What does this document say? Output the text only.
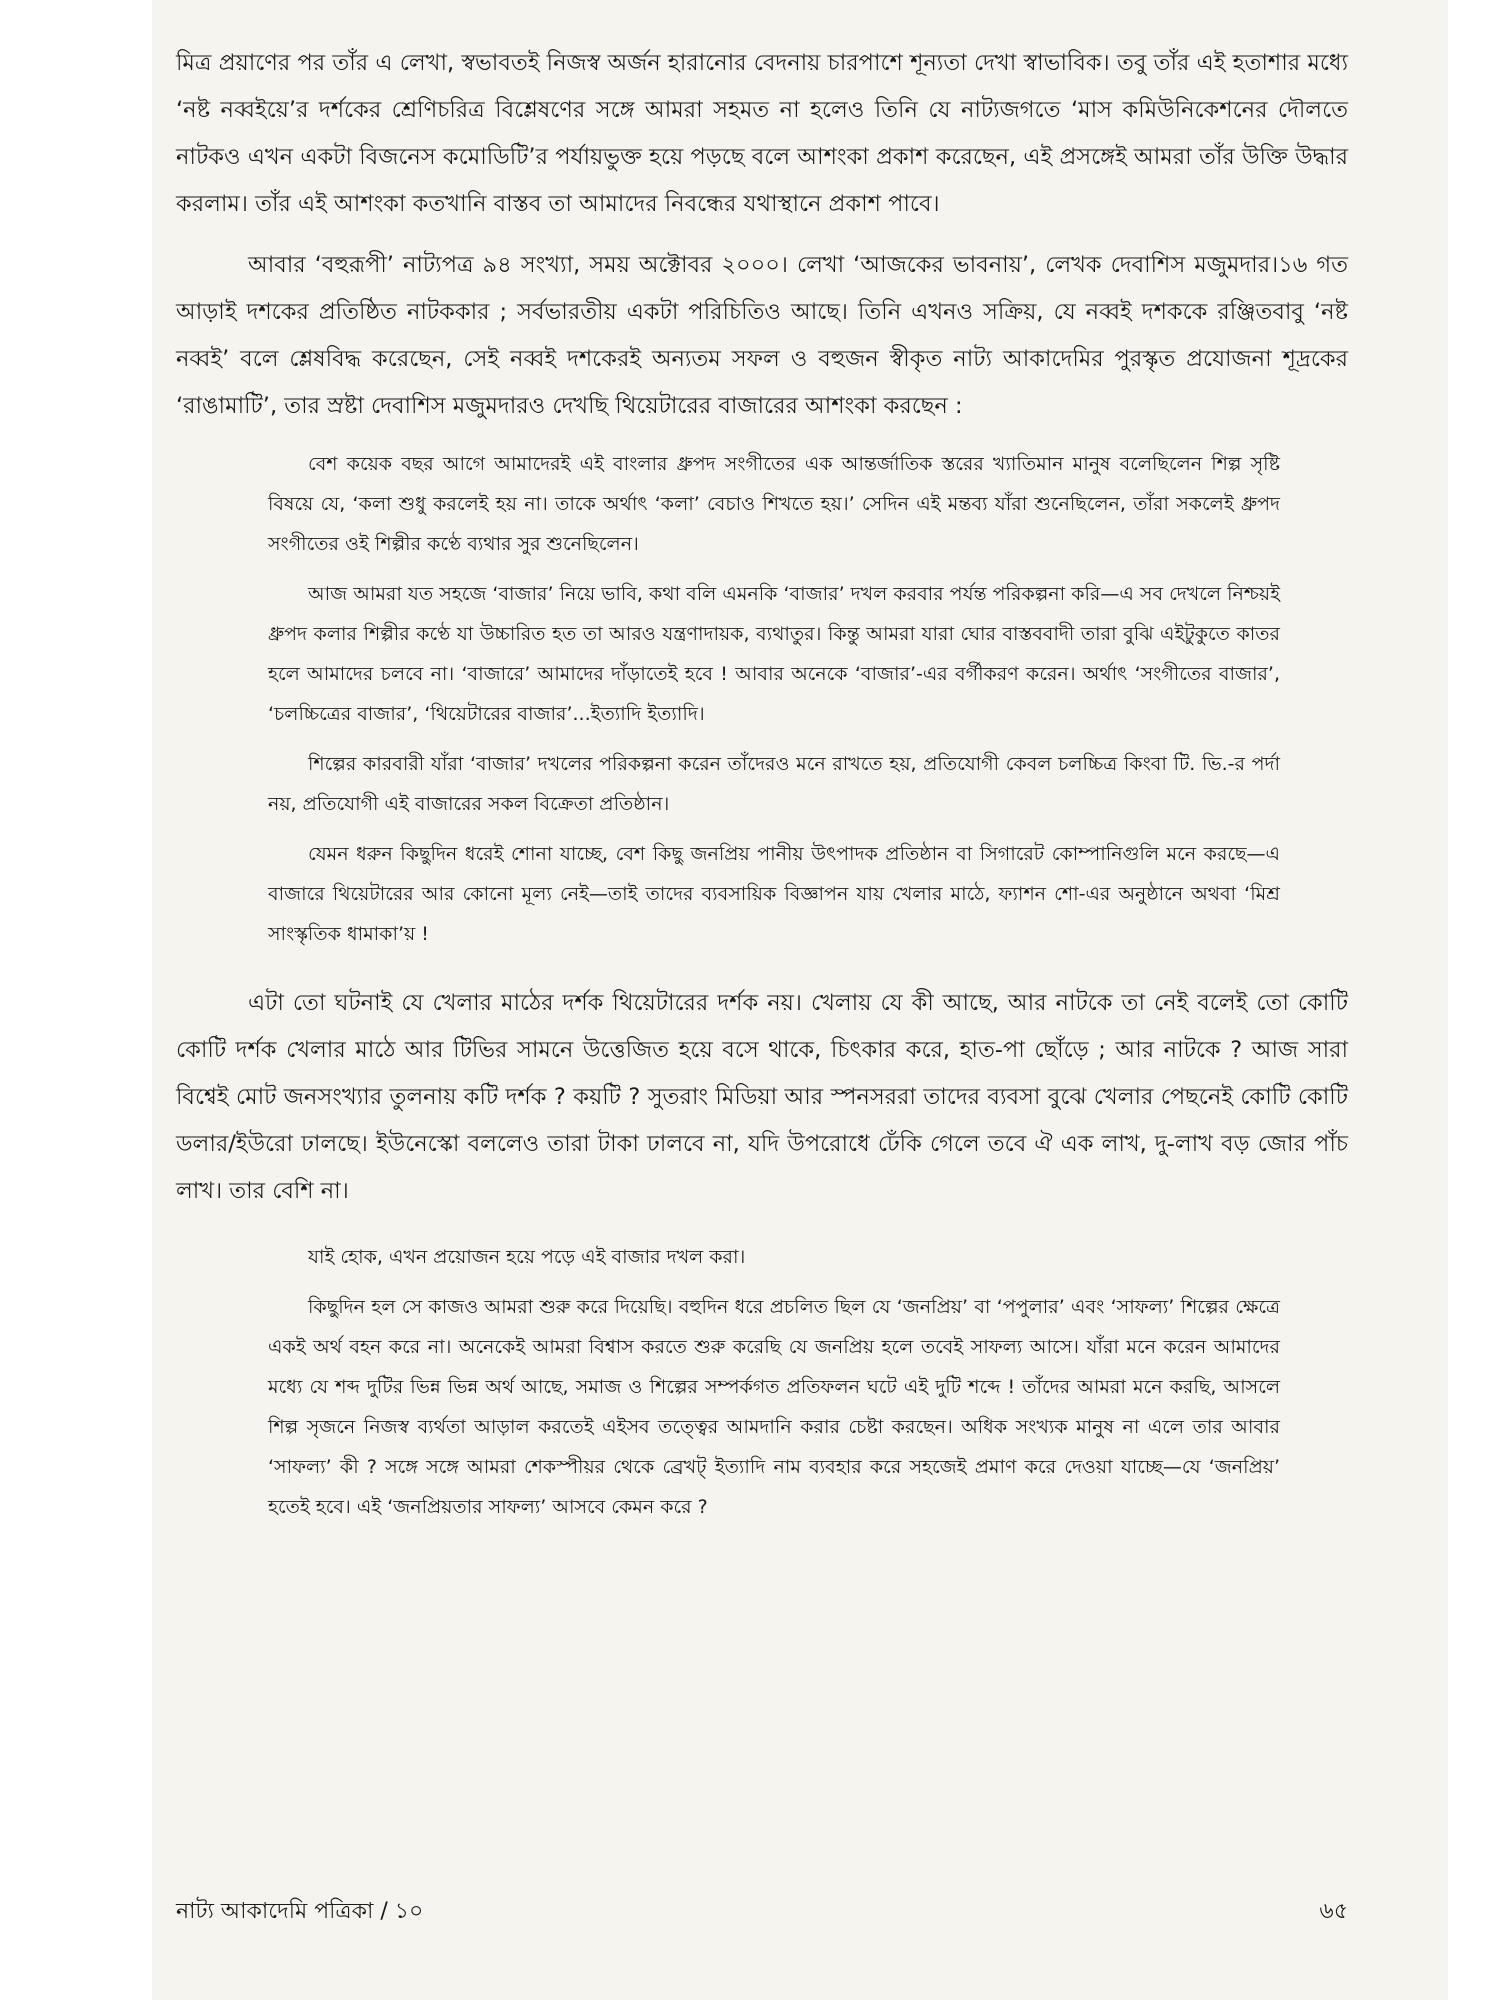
মিত্র প্রয়াণের পর তাঁর এ লেখা, স্বভাবতই নিজস্ব অর্জন হারানোর বেদনায় চারপাশে শূন্যতা দেখা স্বাভাবিক। তবু তাঁর এই হতাশার মধ্যে ‘নষ্ট নব্বইয়ে’র দর্শকের শ্রেণিচরিত্র বিশ্লেষণের সঙ্গে আমরা সহমত না হলেও তিনি যে নাট্যজগতে ‘মাস কমিউনিকেশনের দৌলতে নাটকও এখন একটা বিজনেস কমোডিটি’র পর্যায়ভুক্ত হয়ে পড়ছে বলে আশংকা প্রকাশ করেছেন, এই প্রসঙ্গেই আমরা তাঁর উক্তি উদ্ধার করলাম। তাঁর এই আশংকা কতখানি বাস্তব তা আমাদের নিবন্ধের যথাস্থানে প্রকাশ পাবে।

আবার ‘বহুরূপী’ নাট্যপত্র ৯৪ সংখ্যা, সময় অক্টোবর ২০০০। লেখা ‘আজকের ভাবনায়’, লেখক দেবাশিস মজুমদার।১৬ গত আড়াই দশকের প্রতিষ্ঠিত নাটককার ; সর্বভারতীয় একটা পরিচিতিও আছে। তিনি এখনও সক্রিয়, যে নব্বই দশককে রঞ্জিতবাবু ‘নষ্ট নব্বই’ বলে শ্লেষবিদ্ধ করেছেন, সেই নব্বই দশকেরই অন্যতম সফল ও বহুজন স্বীকৃত নাট্য আকাদেমির পুরস্কৃত প্রযোজনা শূদ্রকের ‘রাঙামাটি’, তার স্রষ্টা দেবাশিস মজুমদারও দেখছি থিয়েটারের বাজারের আশংকা করছেন :

বেশ কয়েক বছর আগে আমাদেরই এই বাংলার ধ্রুপদ সংগীতের এক আন্তর্জাতিক স্তরের খ্যাতিমান মানুষ বলেছিলেন শিল্প সৃষ্টি বিষয়ে যে, ‘কলা শুধু করলেই হয় না। তাকে অর্থাৎ ‘কলা’ বেচাও শিখতে হয়।’ সেদিন এই মন্তব্য যাঁরা শুনেছিলেন, তাঁরা সকলেই ধ্রুপদ সংগীতের ওই শিল্পীর কণ্ঠে ব্যথার সুর শুনেছিলেন।

আজ আমরা যত সহজে ‘বাজার’ নিয়ে ভাবি, কথা বলি এমনকি ‘বাজার’ দখল করবার পর্যন্ত পরিকল্পনা করি—এ সব দেখলে নিশ্চয়ই ধ্রুপদ কলার শিল্পীর কণ্ঠে যা উচ্চারিত হত তা আরও যন্ত্রণাদায়ক, ব্যথাতুর। কিন্তু আমরা যারা ঘোর বাস্তববাদী তারা বুঝি এইটুকুতে কাতর হলে আমাদের চলবে না। ‘বাজারে’ আমাদের দাঁড়াতেই হবে ! আবার অনেকে ‘বাজার’-এর বর্গীকরণ করেন। অর্থাৎ ‘সংগীতের বাজার’, ‘চলচ্চিত্রের বাজার’, ‘থিয়েটারের বাজার’...ইত্যাদি ইত্যাদি।

শিল্পের কারবারী যাঁরা ‘বাজার’ দখলের পরিকল্পনা করেন তাঁদেরও মনে রাখতে হয়, প্রতিযোগী কেবল চলচ্চিত্র কিংবা টি. ভি.-র পর্দা নয়, প্রতিযোগী এই বাজারের সকল বিক্রেতা প্রতিষ্ঠান।

যেমন ধরুন কিছুদিন ধরেই শোনা যাচ্ছে, বেশ কিছু জনপ্রিয় পানীয় উৎপাদক প্রতিষ্ঠান বা সিগারেট কোম্পানিগুলি মনে করছে—এ বাজারে থিয়েটারের আর কোনো মূল্য নেই—তাই তাদের ব্যবসায়িক বিজ্ঞাপন যায় খেলার মাঠে, ফ্যাশন শো-এর অনুষ্ঠানে অথবা ‘মিশ্র সাংস্কৃতিক ধামাকা’য় !

এটা তো ঘটনাই যে খেলার মাঠের দর্শক থিয়েটারের দর্শক নয়। খেলায় যে কী আছে, আর নাটকে তা নেই বলেই তো কোটি কোটি দর্শক খেলার মাঠে আর টিভির সামনে উত্তেজিত হয়ে বসে থাকে, চিৎকার করে, হাত-পা ছোঁড়ে ; আর নাটকে ? আজ সারা বিশ্বেই মোট জনসংখ্যার তুলনায় কটি দর্শক ? কয়টি ? সুতরাং মিডিয়া আর স্পনসররা তাদের ব্যবসা বুঝে খেলার পেছনেই কোটি কোটি ডলার/ইউরো ঢালছে। ইউনেস্কো বললেও তারা টাকা ঢালবে না, যদি উপরোধে ঢেঁকি গেলে তবে ঐ এক লাখ, দু-লাখ বড় জোর পাঁচ লাখ। তার বেশি না।

যাই হোক, এখন প্রয়োজন হয়ে পড়ে এই বাজার দখল করা।

কিছুদিন হল সে কাজও আমরা শুরু করে দিয়েছি। বহুদিন ধরে প্রচলিত ছিল যে ‘জনপ্রিয়’ বা ‘পপুলার’ এবং ‘সাফল্য’ শিল্পের ক্ষেত্রে একই অর্থ বহন করে না। অনেকেই আমরা বিশ্বাস করতে শুরু করেছি যে জনপ্রিয় হলে তবেই সাফল্য আসে। যাঁরা মনে করেন আমাদের মধ্যে যে শব্দ দুটির ভিন্ন ভিন্ন অর্থ আছে, সমাজ ও শিল্পের সম্পর্কগত প্রতিফলন ঘটে এই দুটি শব্দে ! তাঁদের আমরা মনে করছি, আসলে শিল্প সৃজনে নিজস্ব ব্যর্থতা আড়াল করতেই এইসব তত্ত্বের আমদানি করার চেষ্টা করছেন। অধিক সংখ্যক মানুষ না এলে তার আবার ‘সাফল্য’ কী ? সঙ্গে সঙ্গে আমরা শেকস্পীয়র থেকে ব্রেখট্ ইত্যাদি নাম ব্যবহার করে সহজেই প্রমাণ করে দেওয়া যাচ্ছে—যে ‘জনপ্রিয়’ হতেই হবে। এই ‘জনপ্রিয়তার সাফল্য’ আসবে কেমন করে ?

নাট্য আকাদেমি পত্রিকা / ১০	৬৫
